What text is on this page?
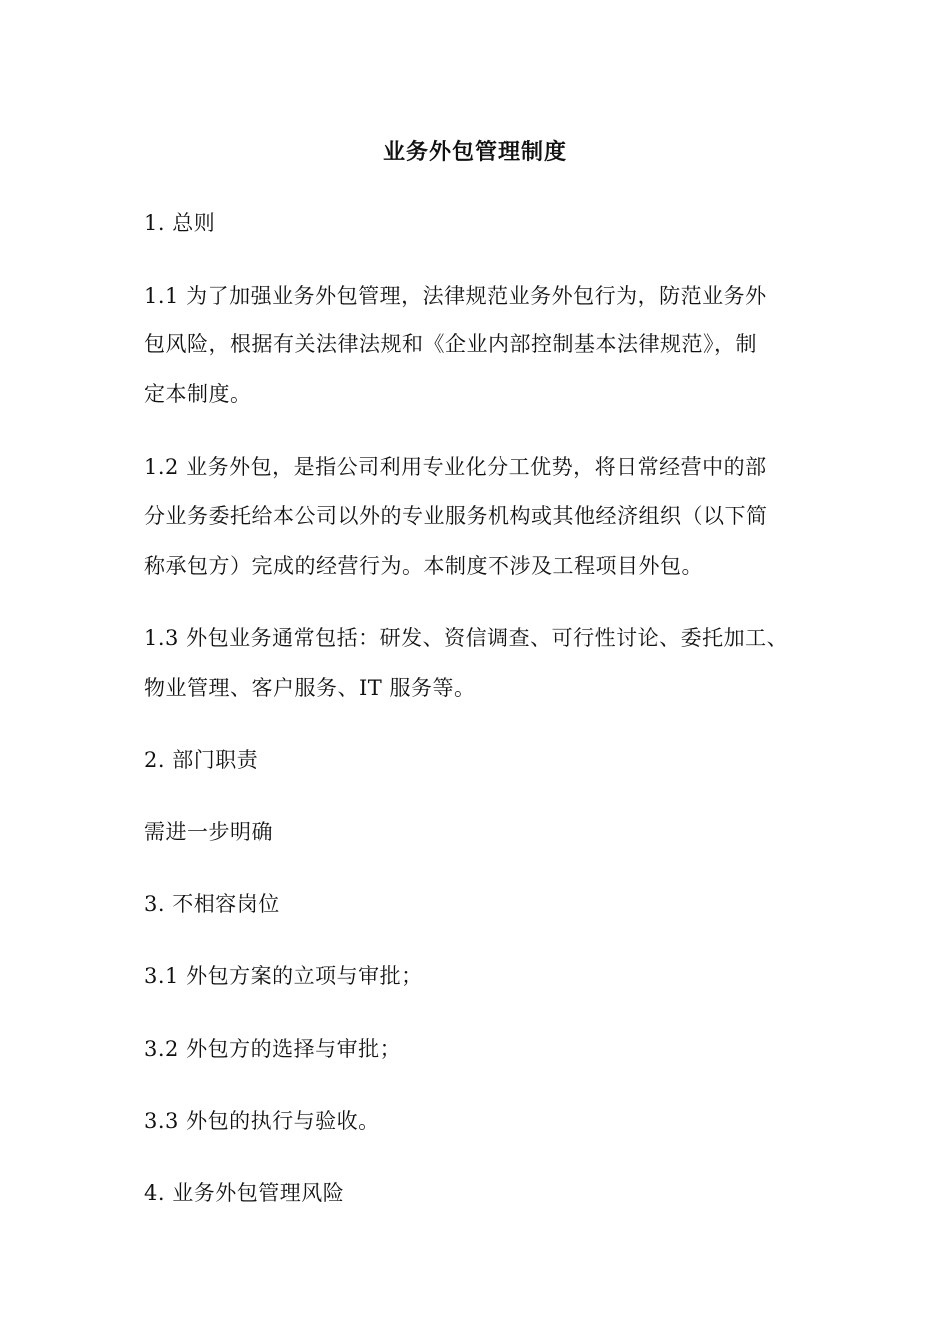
业务外包管理制度
1. 总则
1.1 为了加强业务外包管理，法律规范业务外包行为，防范业务外
包风险，根据有关法律法规和《企业内部控制基本法律规范》，制
定本制度。
1.2 业务外包，是指公司利用专业化分工优势，将日常经营中的部
分业务委托给本公司以外的专业服务机构或其他经济组织（以下简
称承包方）完成的经营行为。本制度不涉及工程项目外包。
1.3 外包业务通常包括：研发、资信调查、可行性讨论、委托加工、
物业管理、客户服务、IT 服务等。
2. 部门职责
需进一步明确
3. 不相容岗位
3.1 外包方案的立项与审批；
3.2 外包方的选择与审批；
3.3 外包的执行与验收。
4. 业务外包管理风险
